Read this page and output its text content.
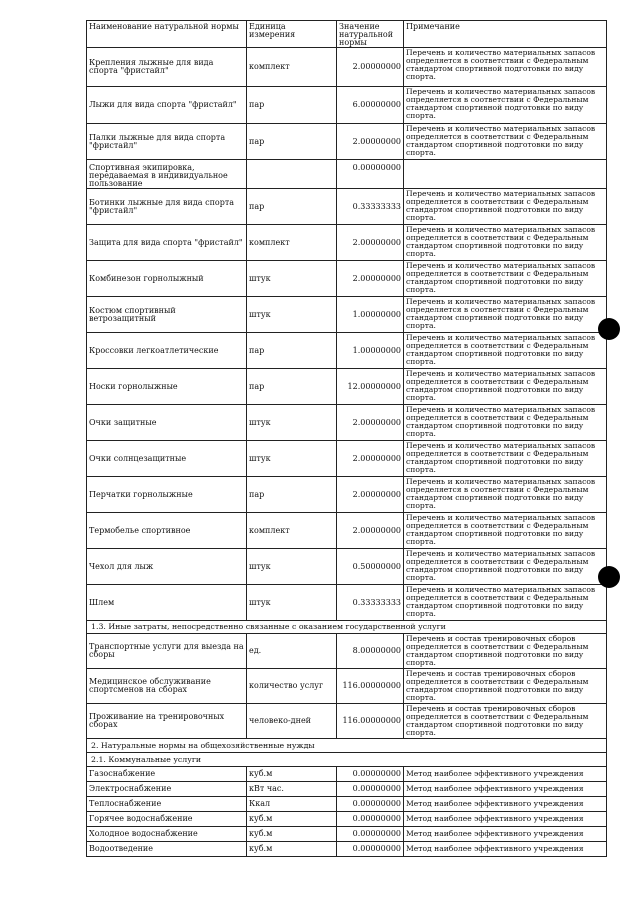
Наименование натуральной нормы	Единица измерения	Значение натуральной нормы	Примечание
Крепления лыжные для вида спорта "фристайл"	комплект	2.00000000	Перечень и количество материальных запасов определяется в соответствии с Федеральным стандартом спортивной подготовки по виду спорта.
Лыжи для вида спорта "фристайл"	пар	6.00000000	Перечень и количество материальных запасов определяется в соответствии с Федеральным стандартом спортивной подготовки по виду спорта.
Палки лыжные для вида спорта "фристайл"	пар	2.00000000	Перечень и количество материальных запасов определяется в соответствии с Федеральным стандартом спортивной подготовки по виду спорта.
Спортивная экипировка, передаваемая в индивидуальное пользование		0.00000000	
Ботинки лыжные для вида спорта "фристайл"	пар	0.33333333	Перечень и количество материальных запасов определяется в соответствии с Федеральным стандартом спортивной подготовки по виду спорта.
Защита для вида спорта "фристайл"	комплект	2.00000000	Перечень и количество материальных запасов определяется в соответствии с Федеральным стандартом спортивной подготовки по виду спорта.
Комбинезон горнолыжный	штук	2.00000000	Перечень и количество материальных запасов определяется в соответствии с Федеральным стандартом спортивной подготовки по виду спорта.
Костюм спортивный ветрозащитный	штук	1.00000000	Перечень и количество материальных запасов определяется в соответствии с Федеральным стандартом спортивной подготовки по виду спорта.
Кроссовки легкоатлетические	пар	1.00000000	Перечень и количество материальных запасов определяется в соответствии с Федеральным стандартом спортивной подготовки по виду спорта.
Носки горнолыжные	пар	12.00000000	Перечень и количество материальных запасов определяется в соответствии с Федеральным стандартом спортивной подготовки по виду спорта.
Очки защитные	штук	2.00000000	Перечень и количество материальных запасов определяется в соответствии с Федеральным стандартом спортивной подготовки по виду спорта.
Очки солнцезащитные	штук	2.00000000	Перечень и количество материальных запасов определяется в соответствии с Федеральным стандартом спортивной подготовки по виду спорта.
Перчатки горнолыжные	пар	2.00000000	Перечень и количество материальных запасов определяется в соответствии с Федеральным стандартом спортивной подготовки по виду спорта.
Термобелье спортивное	комплект	2.00000000	Перечень и количество материальных запасов определяется в соответствии с Федеральным стандартом спортивной подготовки по виду спорта.
Чехол для лыж	штук	0.50000000	Перечень и количество материальных запасов определяется в соответствии с Федеральным стандартом спортивной подготовки по виду спорта.
Шлем	штук	0.33333333	Перечень и количество материальных запасов определяется в соответствии с Федеральным стандартом спортивной подготовки по виду спорта.
1.3. Иные затраты, непосредственно связанные с оказанием государственной услуги			
Транспортные услуги для выезда на сборы	ед.	8.00000000	Перечень и состав тренировочных сборов определяется в соответствии с Федеральным стандартом спортивной подготовки по виду спорта.
Медицинское обслуживание спортсменов на сборах	количество услуг	116.00000000	Перечень и состав тренировочных сборов определяется в соответствии с Федеральным стандартом спортивной подготовки по виду спорта.
Проживание на тренировочных сборах	человеко-дней	116.00000000	Перечень и состав тренировочных сборов определяется в соответствии с Федеральным стандартом спортивной подготовки по виду спорта.
2. Натуральные нормы на общехозяйственные нужды			
2.1. Коммунальные услуги			
Газоснабжение	куб.м	0.00000000	Метод наиболее эффективного учреждения
Электроснабжение	кВт час.	0.00000000	Метод наиболее эффективного учреждения
Теплоснабжение	Ккал	0.00000000	Метод наиболее эффективного учреждения
Горячее водоснабжение	куб.м	0.00000000	Метод наиболее эффективного учреждения
Холодное водоснабжение	куб.м	0.00000000	Метод наиболее эффективного учреждения
Водоотведение	куб.м	0.00000000	Метод наиболее эффективного учреждения
